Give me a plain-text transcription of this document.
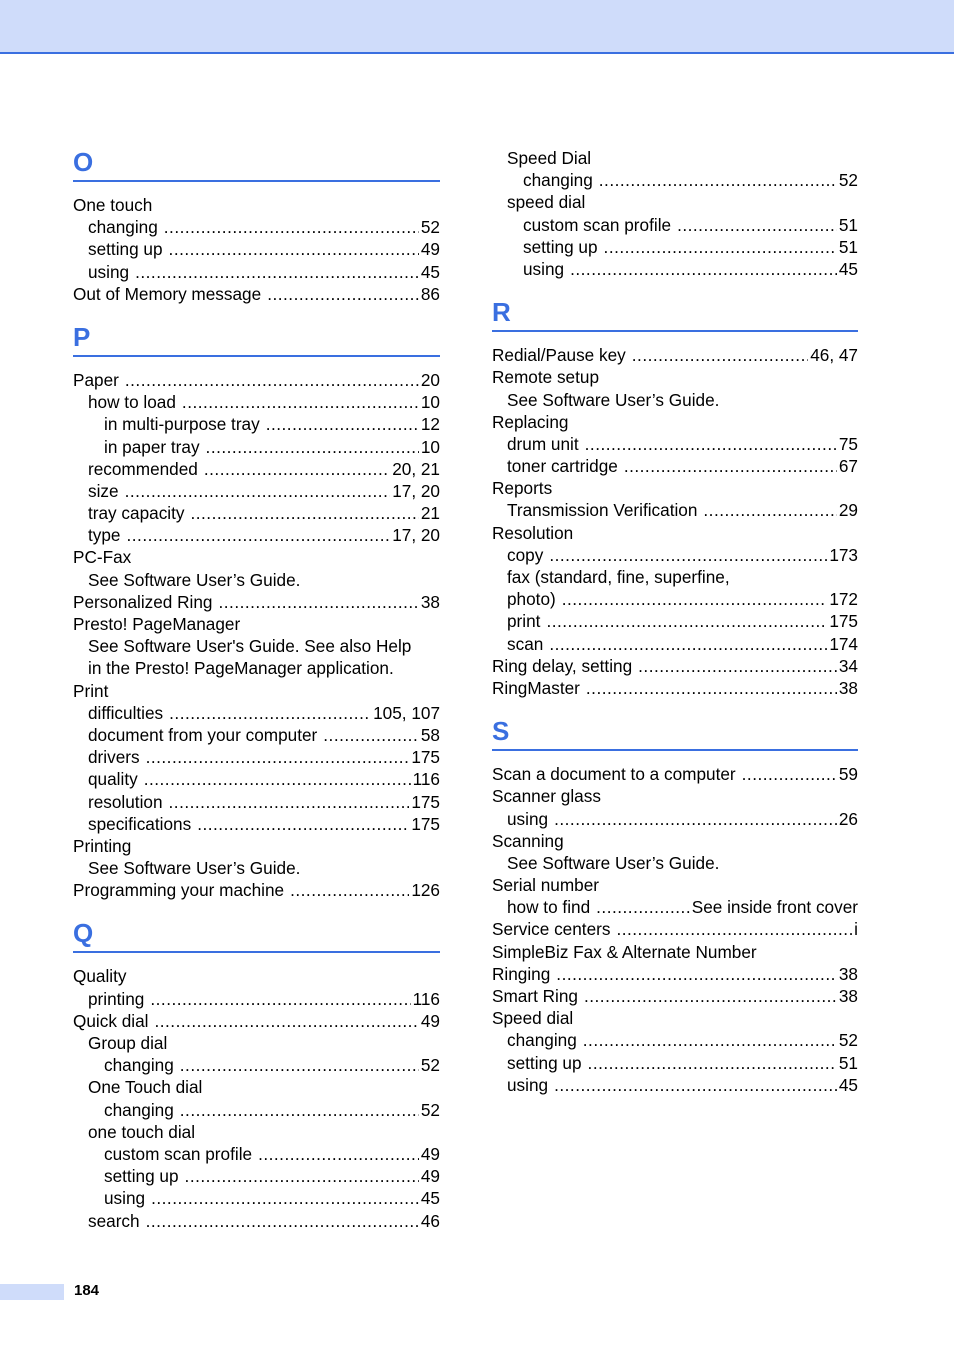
O
One touch
changing .....	52
setting up .....	49
using .....	45
Out of Memory message .....	86
P
Paper .....	20
how to load .....	10
in multi-purpose tray .....	12
in paper tray .....	10
recommended .....	20, 21
size .....	17, 20
tray capacity .....	21
type .....	17, 20
PC-Fax
See Software User’s Guide.
Personalized Ring .....	38
Presto! PageManager
See Software User's Guide. See also Help
in the Presto! PageManager application.
Print
difficulties .....	105, 107
document from your computer .....	58
drivers .....	175
quality .....	116
resolution .....	175
specifications .....	175
Printing
See Software User’s Guide.
Programming your machine .....	126
Q
Quality
printing .....	116
Quick dial .....	49
Group dial
changing .....	52
One Touch dial
changing .....	52
one touch dial
custom scan profile .....	49
setting up .....	49
using .....	45
search .....	46
Speed Dial
changing .....	52
speed dial
custom scan profile .....	51
setting up .....	51
using .....	45
R
Redial/Pause key .....	46, 47
Remote setup
See Software User’s Guide.
Replacing
drum unit .....	75
toner cartridge .....	67
Reports
Transmission Verification .....	29
Resolution
copy .....	173
fax (standard, fine, superfine,
photo) .....	172
print .....	175
scan .....	174
Ring delay, setting .....	34
RingMaster .....	38
S
Scan a document to a computer .....	59
Scanner glass
using .....	26
Scanning
See Software User’s Guide.
Serial number
how to find .....	See inside front cover
Service centers .....	i
SimpleBiz Fax & Alternate Number
Ringing .....	38
Smart Ring .....	38
Speed dial
changing .....	52
setting up .....	51
using .....	45
184
